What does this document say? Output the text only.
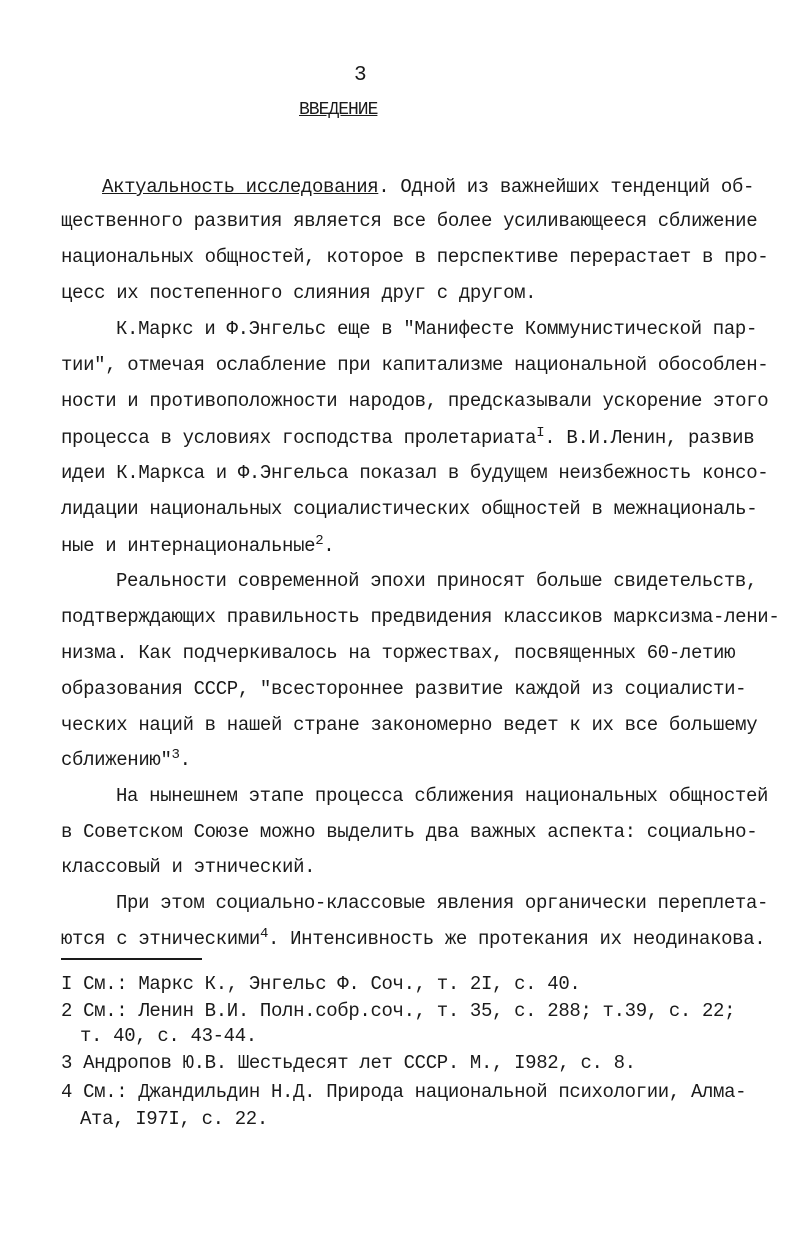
3
ВВЕДЕНИЕ
Актуальность исследования. Одной из важнейших тенденций об-
щественного развития является все более усиливающееся сближение
национальных общностей, которое в перспективе перерастает в про-
цесс их постепенного слияния друг с другом.
К.Маркс и Ф.Энгельс еще в "Манифесте Коммунистической пар-
тии", отмечая ослабление при капитализме национальной обособлен-
ности и противоположности народов, предсказывали ускорение этого
процесса в условиях господства пролетариата$^I$. В.И.Ленин, развив
идеи К.Маркса и Ф.Энгельса показал в будущем неизбежность консо-
лидации национальных социалистических общностей в межнациональ-
ные и интернациональные$^2$.
Реальности современной эпохи приносят больше свидетельств,
подтверждающих правильность предвидения классиков марксизма-лени-
низма. Как подчеркивалось на торжествах, посвященных 60-летию
образования СССР, "всестороннее развитие каждой из социалисти-
ческих наций в нашей стране закономерно ведет к их все большему
сближению"$^3$.
На нынешнем этапе процесса сближения национальных общностей
в Советском Союзе можно выделить два важных аспекта: социально-
классовый и этнический.
При этом социально-классовые явления органически переплета-
ются с этническими$^4$. Интенсивность же протекания их неодинакова.
I См.: Маркс К., Энгельс Ф. Соч., т. 2I, с. 40.
2 См.: Ленин В.И. Полн.собр.соч., т. 35, с. 288; т.39, с. 22;
т. 40, с. 43-44.
3 Андропов Ю.В. Шестьдесят лет СССР. М., I982, с. 8.
4 См.: Джандильдин Н.Д. Природа национальной психологии, Алма-
Ата, I97I, с. 22.
